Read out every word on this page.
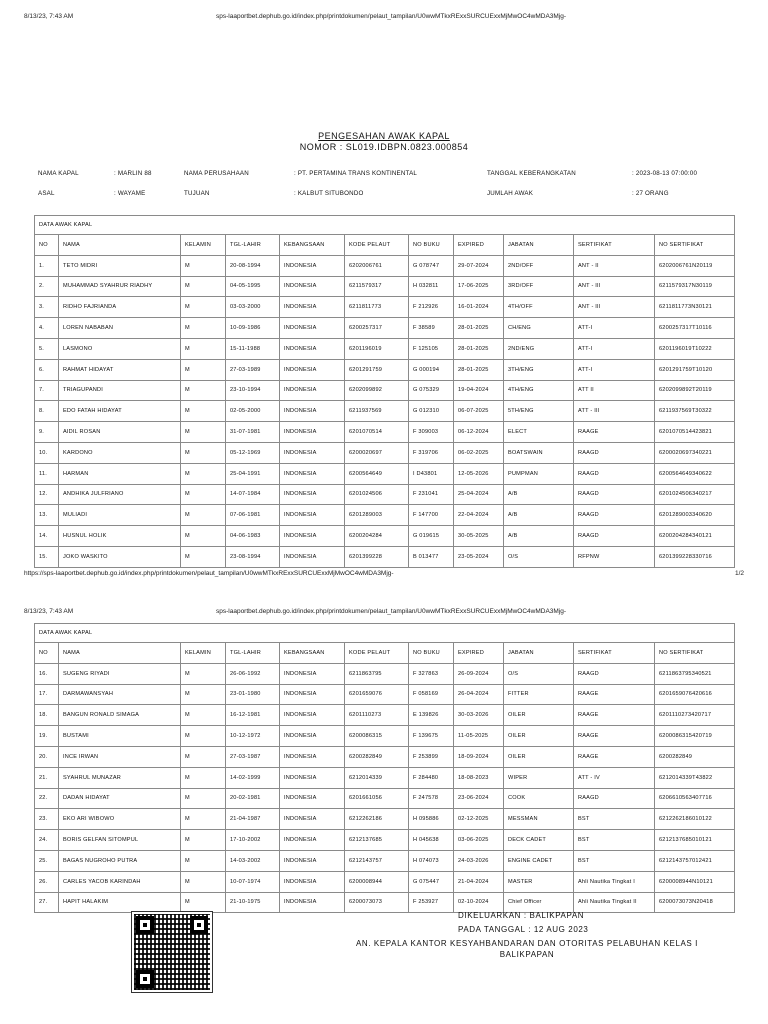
8/13/23, 7:43 AM	sps-laaportbet.dephub.go.id/index.php/printdokumen/pelaut_tampilan/U0wwMTkxRExxSURCUExxMjMwOC4wMDA3Mjg-
PENGESAHAN AWAK KAPAL
NOMOR : SL019.IDBPN.0823.000854
NAMA KAPAL	: MARLIN 88	NAMA PERUSAHAAN	: PT. PERTAMINA TRANS KONTINENTAL	TANGGAL KEBERANGKATAN	: 2023-08-13 07:00:00
ASAL	: WAYAME	TUJUAN	: KALBUT SITUBONDO	JUMLAH AWAK	: 27 ORANG
DATA AWAK KAPAL										
NO	NAMA	KELAMIN	TGL-LAHIR	KEBANGSAAN	KODE PELAUT	NO BUKU	EXPIRED	JABATAN	SERTIFIKAT	NO SERTIFIKAT
1.	TETO MIDRI	M	20-08-1994	INDONESIA	6202006761	G 078747	29-07-2024	2ND/OFF	ANT - II	6202006761N20119
2.	MUHAMMAD SYAHRUR RIADHY	M	04-05-1995	INDONESIA	6211579317	H 032811	17-06-2025	3RD/OFF	ANT - III	6211579317N30119
3.	RIDHO FAJRIANDA	M	03-03-2000	INDONESIA	6211811773	F 212926	16-01-2024	4TH/OFF	ANT - III	6211811773N30121
4.	LOREN NABABAN	M	10-09-1986	INDONESIA	6200257317	F 38589	28-01-2025	CH/ENG	ATT-I	6200257317T10116
5.	LASMONO	M	15-11-1988	INDONESIA	6201196019	F 125105	28-01-2025	2ND/ENG	ATT-I	6201196019T10222
6.	RAHMAT HIDAYAT	M	27-03-1989	INDONESIA	6201291759	G 000194	28-01-2025	3TH/ENG	ATT-I	6201291759T10120
7.	TRIAGUPANDI	M	23-10-1994	INDONESIA	6202099892	G 075329	19-04-2024	4TH/ENG	ATT II	6202099892T20119
8.	EDO FATAH HIDAYAT	M	02-05-2000	INDONESIA	6211937569	G 012310	06-07-2025	5TH/ENG	ATT - III	6211937569T30322
9.	AIDIL ROSAN	M	31-07-1981	INDONESIA	6201070514	F 309003	06-12-2024	ELECT	RAAGE	6201070514423821
10.	KARDONO	M	05-12-1969	INDONESIA	6200020697	F 319706	06-02-2025	BOATSWAIN	RAAGD	6200020697340221
11.	HARMAN	M	25-04-1991	INDONESIA	6200564649	I D43801	12-05-2026	PUMPMAN	RAAGD	6200564649340622
12.	ANDHIKA JULFRIANO	M	14-07-1984	INDONESIA	6201024506	F 231041	25-04-2024	A/B	RAAGD	6201024506340217
13.	MULIADI	M	07-06-1981	INDONESIA	6201289003	F 147700	22-04-2024	A/B	RAAGD	6201289003340620
14.	HUSNUL HOLIK	M	04-06-1983	INDONESIA	6200204284	G 019615	30-05-2025	A/B	RAAGD	6200204284340121
15.	JOKO WASKITO	M	23-08-1994	INDONESIA	6201399228	B 013477	23-05-2024	O/S	RFPNW	6201399228330716
https://sps-laaportbet.dephub.go.id/index.php/printdokumen/pelaut_tampilan/U0wwMTkxRExxSURCUExxMjMwOC4wMDA3Mjg-	1/2
8/13/23, 7:43 AM	sps-laaportbet.dephub.go.id/index.php/printdokumen/pelaut_tampilan/U0wwMTkxRExxSURCUExxMjMwOC4wMDA3Mjg-
DATA AWAK KAPAL										
NO	NAMA	KELAMIN	TGL-LAHIR	KEBANGSAAN	KODE PELAUT	NO BUKU	EXPIRED	JABATAN	SERTIFIKAT	NO SERTIFIKAT
16.	SUGENG RIYADI	M	26-06-1992	INDONESIA	6211863795	F 327863	26-09-2024	O/S	RAAGD	6211863795340521
17.	DARMAWANSYAH	M	23-01-1980	INDONESIA	6201659076	F 058169	26-04-2024	FITTER	RAAGE	6201659076420616
18.	BANGUN RONALD SIMAGA	M	16-12-1981	INDONESIA	6201110273	E 139826	30-03-2026	OILER	RAAGE	6201110273420717
19.	BUSTAMI	M	10-12-1972	INDONESIA	6200086315	F 139675	11-05-2025	OILER	RAAGE	6200086315420719
20.	INCE IRWAN	M	27-03-1987	INDONESIA	6200282849	F 253899	18-09-2024	OILER	RAAGE	6200282849
21.	SYAHRUL MUNAZAR	M	14-02-1999	INDONESIA	6212014339	F 284480	18-08-2023	WIPER	ATT - IV	6212014339T43822
22.	DADAN HIDAYAT	M	20-02-1981	INDONESIA	6201661056	F 247578	23-06-2024	COOK	RAAGD	6206610563407716
23.	EKO ARI WIBOWO	M	21-04-1987	INDONESIA	6212262186	H 095886	02-12-2025	MESSMAN	BST	6212262186010122
24.	BORIS GELFAN SITOMPUL	M	17-10-2002	INDONESIA	6212137685	H 045638	03-06-2025	DECK CADET	BST	6212137685010121
25.	BAGAS NUGROHO PUTRA	M	14-03-2002	INDONESIA	6212143757	H 074073	24-03-2026	ENGINE CADET	BST	6212143757012421
26.	CARLES YACOB KARINDAH	M	10-07-1974	INDONESIA	6200008944	G 075447	21-04-2024	MASTER	Ahli Nautika Tingkat I	6200008944N10121
27.	HAPIT HALAKIM	M	21-10-1975	INDONESIA	6200073073	F 253927	02-10-2024	Chief Officer	Ahli Nautika Tingkat II	6200073073N20418
DIKELUARKAN : BALIKPAPAN
PADA TANGGAL : 12 AUG 2023
AN. KEPALA KANTOR KESYAHBANDARAN DAN OTORITAS PELABUHAN KELAS I
BALIKPAPAN
